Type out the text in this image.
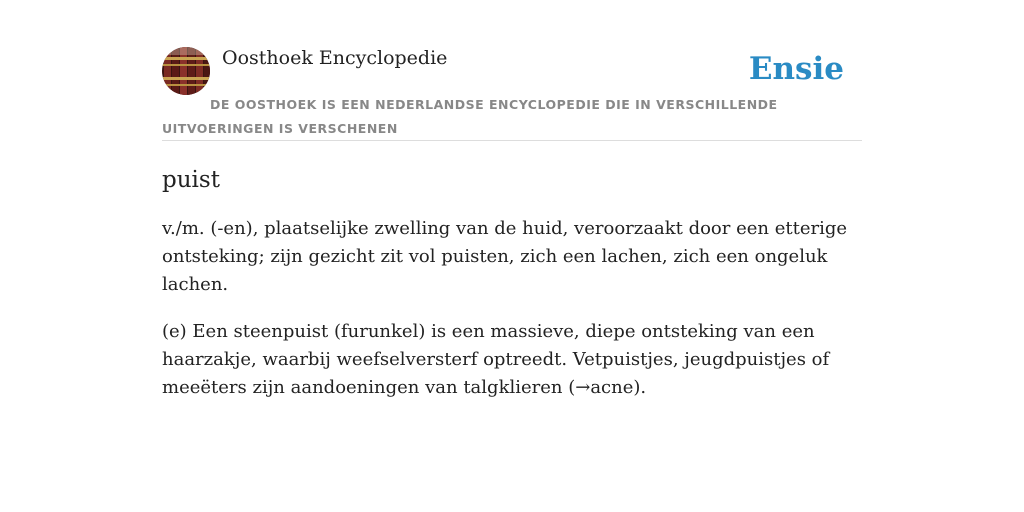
Oosthoek Encyclopedie	Ensie
DE OOSTHOEK IS EEN NEDERLANDSE ENCYCLOPEDIE DIE IN VERSCHILLENDE UITVOERINGEN IS VERSCHENEN
puist

v./m. (-en), plaatselijke zwelling van de huid, veroorzaakt door een etterige ontsteking; zijn gezicht zit vol puisten, zich een lachen, zich een ongeluk lachen.

(e) Een steenpuist (furunkel) is een massieve, diepe ontsteking van een haarzakje, waarbij weefselversterf optreedt. Vetpuistjes, jeugdpuistjes of meeëters zijn aandoeningen van talgklieren (→acne).
